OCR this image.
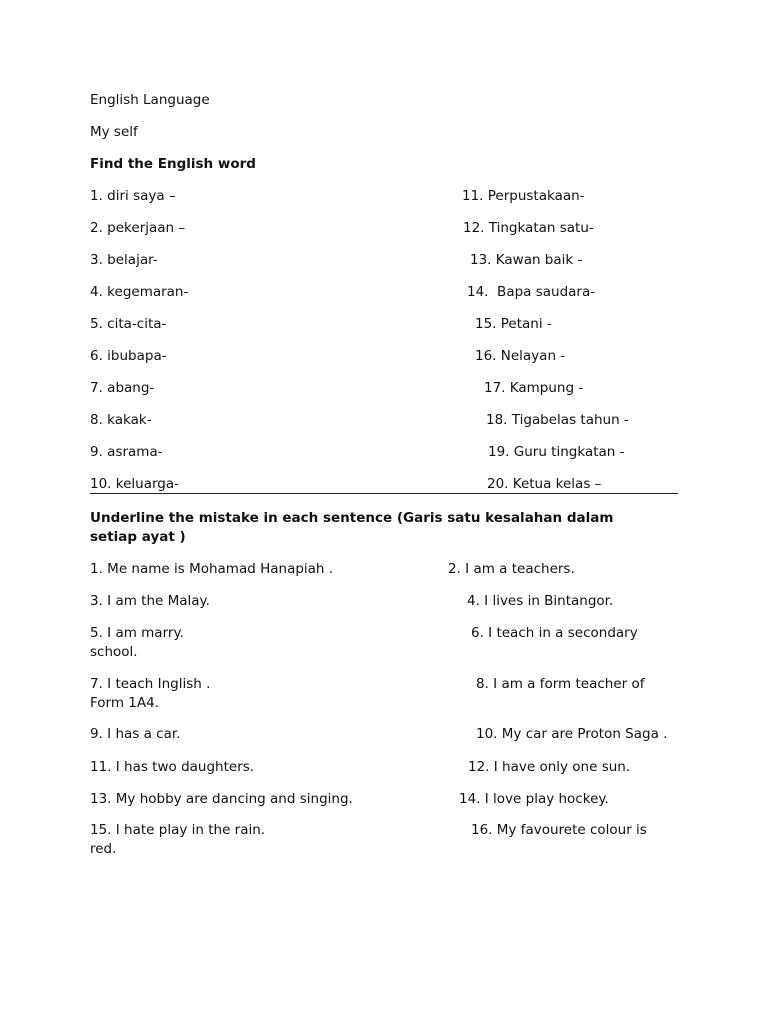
English Language
My self
Find the English word
1. diri saya –	11. Perpustakaan-
2. pekerjaan –	12. Tingkatan satu-
3. belajar-	13. Kawan baik -
4. kegemaran-	14.  Bapa saudara-
5. cita-cita-	15. Petani -
6. ibubapa-	16. Nelayan -
7. abang-	17. Kampung -
8. kakak-	18. Tigabelas tahun -
9. asrama-	19. Guru tingkatan -
10. keluarga-	20. Ketua kelas –
Underline the mistake in each sentence (Garis satu kesalahan dalam setiap ayat )
1. Me name is Mohamad Hanapiah .	2. I am a teachers.
3. I am the Malay.	4. I lives in Bintangor.
5. I am marry.	6. I teach in a secondary
school.
7. I teach Inglish .	8. I am a form teacher of
Form 1A4.
9. I has a car.	10. My car are Proton Saga .
11. I has two daughters.	12. I have only one sun.
13. My hobby are dancing and singing.	14. I love play hockey.
15. I hate play in the rain.	16. My favourete colour is
red.
